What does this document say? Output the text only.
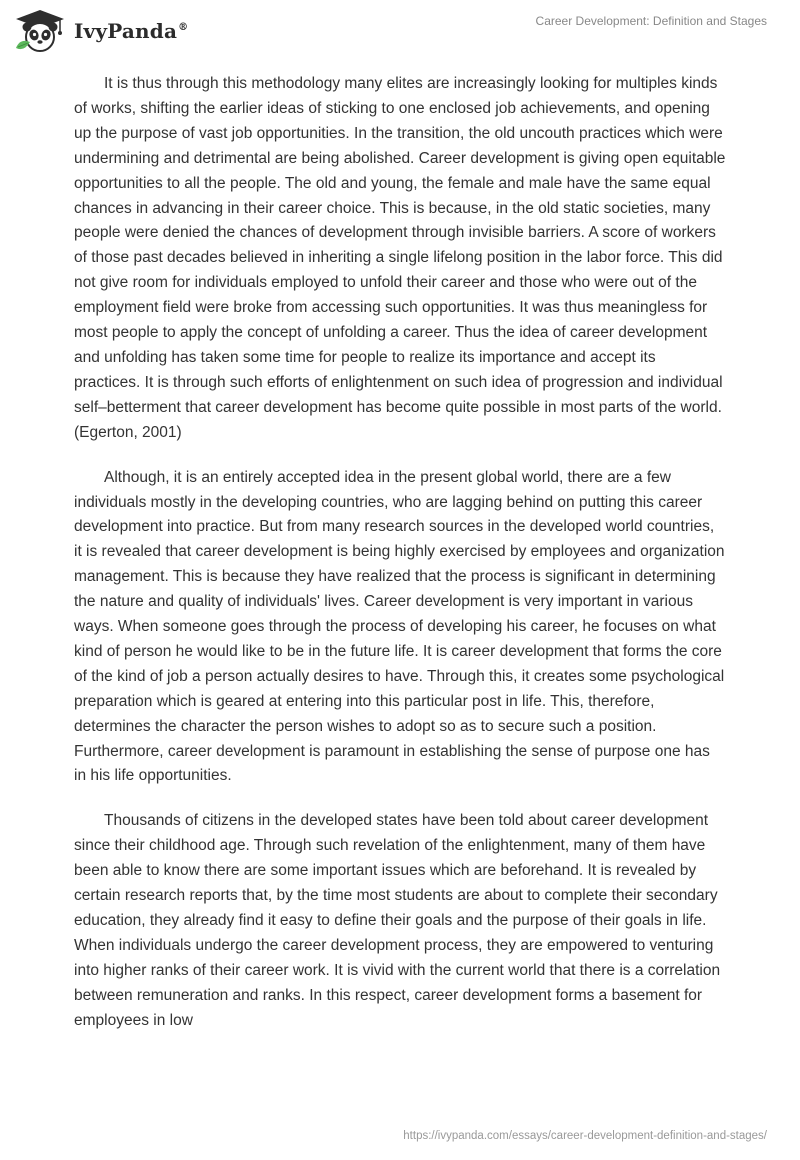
IvyPanda®	Career Development: Definition and Stages

It is thus through this methodology many elites are increasingly looking for multiples kinds of works, shifting the earlier ideas of sticking to one enclosed job achievements, and opening up the purpose of vast job opportunities. In the transition, the old uncouth practices which were undermining and detrimental are being abolished. Career development is giving open equitable opportunities to all the people. The old and young, the female and male have the same equal chances in advancing in their career choice. This is because, in the old static societies, many people were denied the chances of development through invisible barriers. A score of workers of those past decades believed in inheriting a single lifelong position in the labor force. This did not give room for individuals employed to unfold their career and those who were out of the employment field were broke from accessing such opportunities. It was thus meaningless for most people to apply the concept of unfolding a career. Thus the idea of career development and unfolding has taken some time for people to realize its importance and accept its practices. It is through such efforts of enlightenment on such idea of progression and individual self–betterment that career development has become quite possible in most parts of the world. (Egerton, 2001)

Although, it is an entirely accepted idea in the present global world, there are a few individuals mostly in the developing countries, who are lagging behind on putting this career development into practice. But from many research sources in the developed world countries, it is revealed that career development is being highly exercised by employees and organization management. This is because they have realized that the process is significant in determining the nature and quality of individuals' lives. Career development is very important in various ways. When someone goes through the process of developing his career, he focuses on what kind of person he would like to be in the future life. It is career development that forms the core of the kind of job a person actually desires to have. Through this, it creates some psychological preparation which is geared at entering into this particular post in life. This, therefore, determines the character the person wishes to adopt so as to secure such a position. Furthermore, career development is paramount in establishing the sense of purpose one has in his life opportunities.

Thousands of citizens in the developed states have been told about career development since their childhood age. Through such revelation of the enlightenment, many of them have been able to know there are some important issues which are beforehand. It is revealed by certain research reports that, by the time most students are about to complete their secondary education, they already find it easy to define their goals and the purpose of their goals in life. When individuals undergo the career development process, they are empowered to venturing into higher ranks of their career work. It is vivid with the current world that there is a correlation between remuneration and ranks. In this respect, career development forms a basement for employees in low

https://ivypanda.com/essays/career-development-definition-and-stages/
